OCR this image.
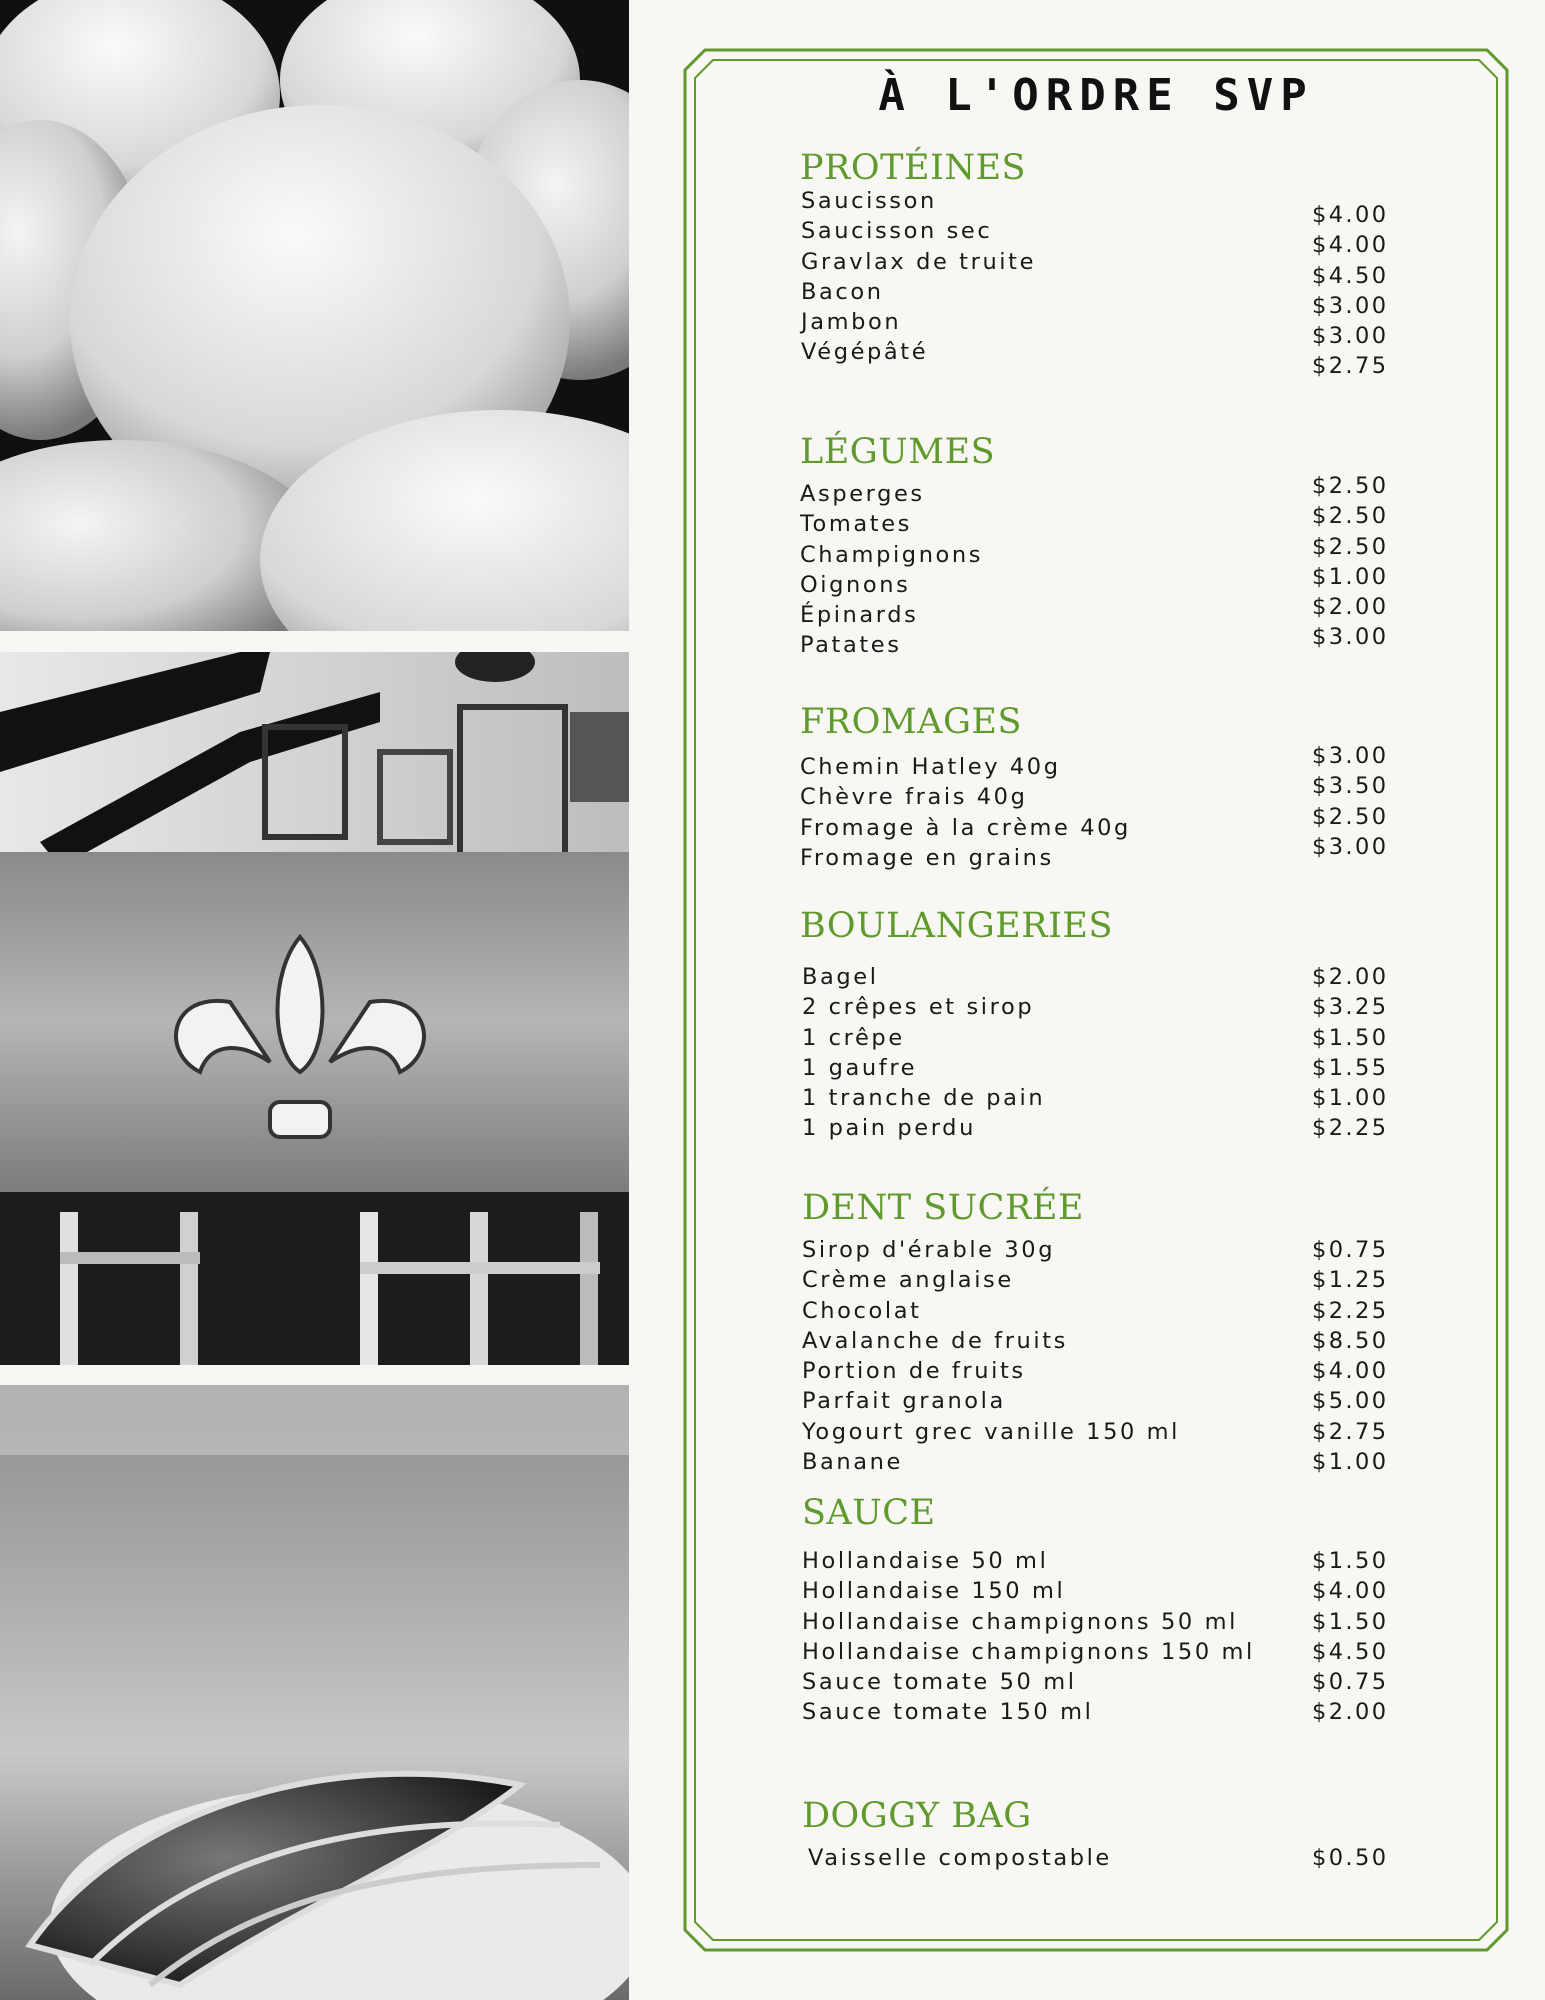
À L'ORDRE SVP
PROTÉINES
Saucisson
Saucisson sec
Gravlax de truite
Bacon
Jambon
Végépâté
$4.00
$4.00
$4.50
$3.00
$3.00
$2.75
LÉGUMES
Asperges
Tomates
Champignons
Oignons
Épinards
Patates
$2.50
$2.50
$2.50
$1.00
$2.00
$3.00
FROMAGES
Chemin Hatley 40g
Chèvre frais 40g
Fromage à la crème 40g
Fromage en grains
$3.00
$3.50
$2.50
$3.00
BOULANGERIES
Bagel
2 crêpes et sirop
1 crêpe
1 gaufre
1 tranche de pain
1 pain perdu
$2.00
$3.25
$1.50
$1.55
$1.00
$2.25
DENT SUCRÉE
Sirop d'érable 30g
Crème anglaise
Chocolat
Avalanche de fruits
Portion de fruits
Parfait granola
Yogourt grec vanille 150 ml
Banane
$0.75
$1.25
$2.25
$8.50
$4.00
$5.00
$2.75
$1.00
SAUCE
Hollandaise 50 ml
Hollandaise 150 ml
Hollandaise champignons 50 ml
Hollandaise champignons 150 ml
Sauce tomate 50 ml
Sauce tomate 150 ml
$1.50
$4.00
$1.50
$4.50
$0.75
$2.00
DOGGY BAG
Vaisselle compostable	$0.50
